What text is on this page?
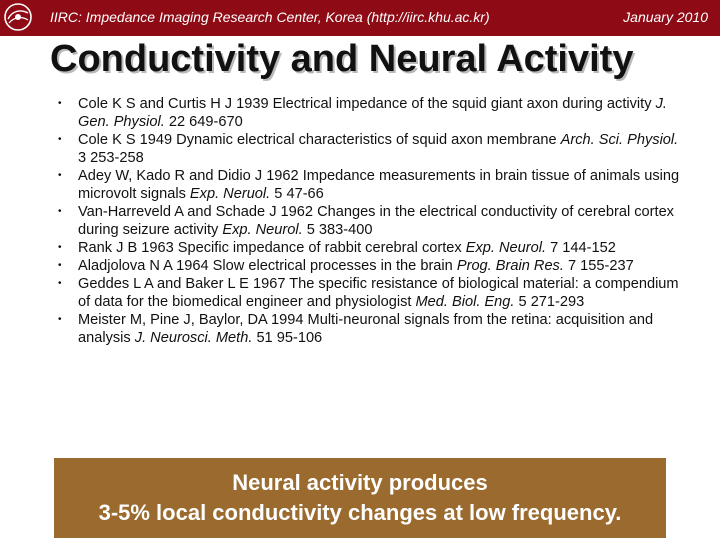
IIRC: Impedance Imaging Research Center, Korea (http://iirc.khu.ac.kr)	January 2010
Conductivity and Neural Activity
• Cole K S and Curtis H J 1939 Electrical impedance of the squid giant axon during activity J. Gen. Physiol. 22 649-670
• Cole K S 1949 Dynamic electrical characteristics of squid axon membrane Arch. Sci. Physiol. 3 253-258
• Adey W, Kado R and Didio J 1962 Impedance measurements in brain tissue of animals using microvolt signals Exp. Neruol. 5 47-66
• Van-Harreveld A and Schade J 1962 Changes in the electrical conductivity of cerebral cortex during seizure activity Exp. Neurol. 5 383-400
• Rank J B 1963 Specific impedance of rabbit cerebral cortex Exp. Neurol. 7 144-152
• Aladjolova N A 1964 Slow electrical processes in the brain Prog. Brain Res. 7 155-237
• Geddes L A and Baker L E 1967 The specific resistance of biological material: a compendium of data for the biomedical engineer and physiologist Med. Biol. Eng. 5 271-293
• Meister M, Pine J, Baylor, DA 1994 Multi-neuronal signals from the retina: acquisition and analysis J. Neurosci. Meth. 51 95-106
Neural activity produces
3-5% local conductivity changes at low frequency.
